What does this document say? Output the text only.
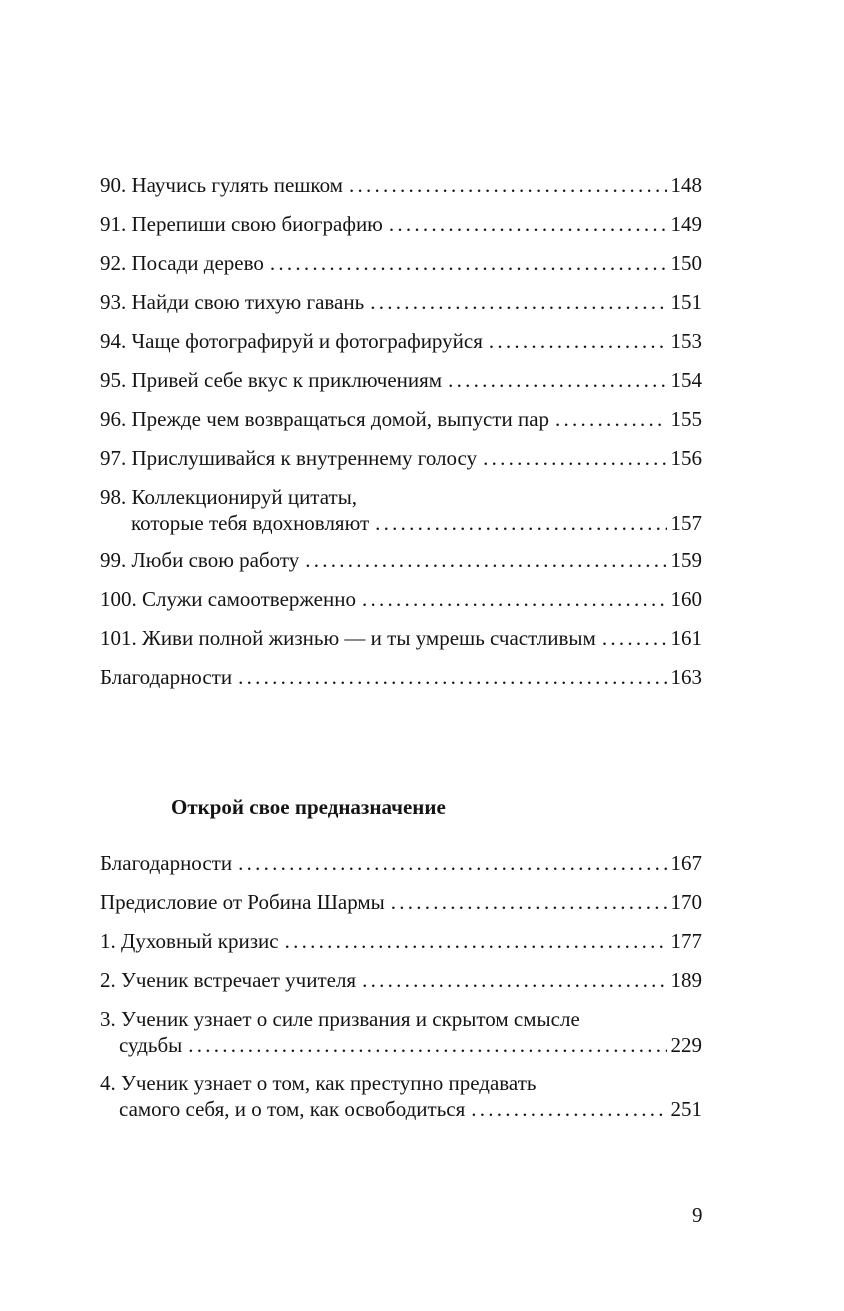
90. Научись гулять пешком . . .	148
91. Перепиши свою биографию . . .	149
92. Посади дерево . . .	150
93. Найди свою тихую гавань . . .	151
94. Чаще фотографируй и фотографируйся . . .	153
95. Привей себе вкус к приключениям . . .	154
96. Прежде чем возвращаться домой, выпусти пар . . .	155
97. Прислушивайся к внутреннему голосу . . .	156
98. Коллекционируй цитаты,
которые тебя вдохновляют . . .	157
99. Люби свою работу . . .	159
100. Служи самоотверженно . . .	160
101. Живи полной жизнью — и ты умрешь счастливым . . .	161
Благодарности . . .	163
Открой свое предназначение
Благодарности . . .	167
Предисловие от Робина Шармы . . .	170
1. Духовный кризис . . .	177
2. Ученик встречает учителя . . .	189
3. Ученик узнает о силе призвания и скрытом смысле
судьбы . . .	229
4. Ученик узнает о том, как преступно предавать
самого себя, и о том, как освободиться . . .	251
9
